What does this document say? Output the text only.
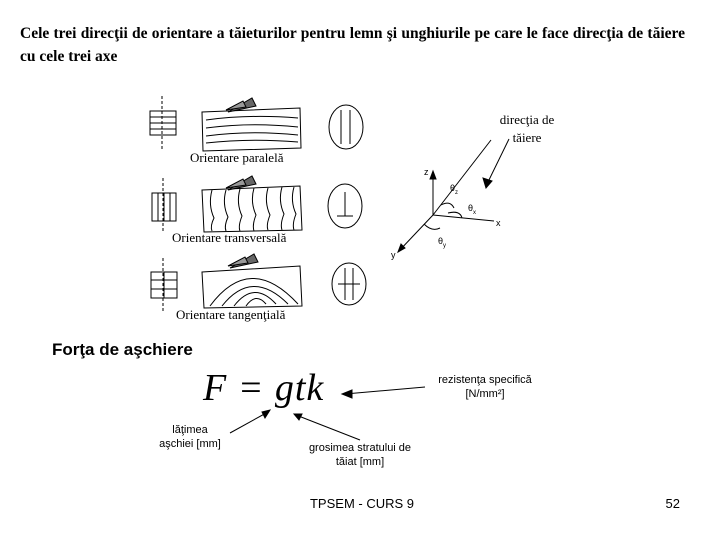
Cele trei direcţii de orientare a tăieturilor pentru lemn şi unghiurile pe care le face direcţia de tăiere cu cele trei axe
direcţia de
tăiere
Orientare paralelă
Orientare transversală
Orientare tangenţială
z
x
y
$\theta_z$
$\theta_x$
$\theta_y$
Forţa de aşchiere
F = gtk	rezistenţa specifică
[N/mm²]
lăţimea
aşchiei [mm]	grosimea stratului de
tăiat [mm]
TPSEM - CURS 9	52
